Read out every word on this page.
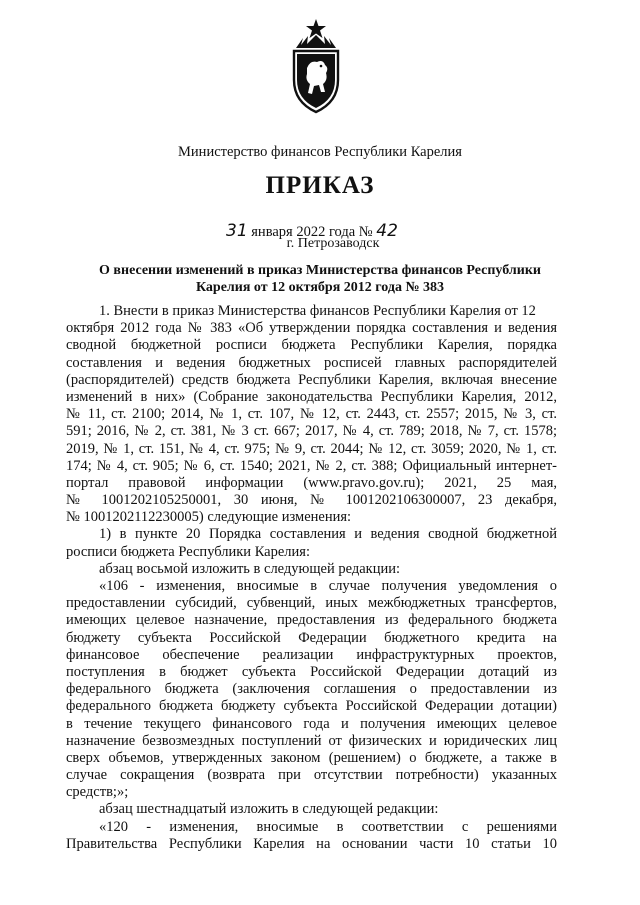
Министерство финансов Республики Карелия
ПРИКАЗ
31 января 2022 года № 42
г. Петрозаводск
О внесении изменений в приказ Министерства финансов Республики
Карелия от 12 октября 2012 года № 383
1. Внести в приказ Министерства финансов Республики Карелия от 12
октября 2012 года № 383 «Об утверждении порядка составления и ведения
сводной бюджетной росписи бюджета Республики Карелия, порядка
составления и ведения бюджетных росписей главных распорядителей
(распорядителей) средств бюджета Республики Карелия, включая внесение
изменений в них» (Собрание законодательства Республики Карелия, 2012,
№ 11, ст. 2100; 2014, № 1, ст. 107, № 12, ст. 2443, ст. 2557; 2015, № 3, ст.
591; 2016, № 2, ст. 381, № 3 ст. 667; 2017, № 4, ст. 789; 2018, № 7, ст. 1578;
2019, № 1, ст. 151, № 4, ст. 975; № 9, ст. 2044; № 12, ст. 3059; 2020, № 1, ст.
174; № 4, ст. 905; № 6, ст. 1540; 2021, № 2, ст. 388; Официальный интернет-
портал правовой информации (www.pravo.gov.ru); 2021, 25 мая,
№ 1001202105250001, 30 июня, № 1001202106300007, 23 декабря,
№ 1001202112230005) следующие изменения:
1) в пункте 20 Порядка составления и ведения сводной бюджетной
росписи бюджета Республики Карелия:
абзац восьмой изложить в следующей редакции:
«106 - изменения, вносимые в случае получения уведомления о
предоставлении субсидий, субвенций, иных межбюджетных трансфертов,
имеющих целевое назначение, предоставления из федерального бюджета
бюджету субъекта Российской Федерации бюджетного кредита на
финансовое обеспечение реализации инфраструктурных проектов,
поступления в бюджет субъекта Российской Федерации дотаций из
федерального бюджета (заключения соглашения о предоставлении из
федерального бюджета бюджету субъекта Российской Федерации дотации)
в течение текущего финансового года и получения имеющих целевое
назначение безвозмездных поступлений от физических и юридических лиц
сверх объемов, утвержденных законом (решением) о бюджете, а также в
случае сокращения (возврата при отсутствии потребности) указанных
средств;»;
абзац шестнадцатый изложить в следующей редакции:
«120 - изменения, вносимые в соответствии с решениями
Правительства Республики Карелия на основании части 10 статьи 10
